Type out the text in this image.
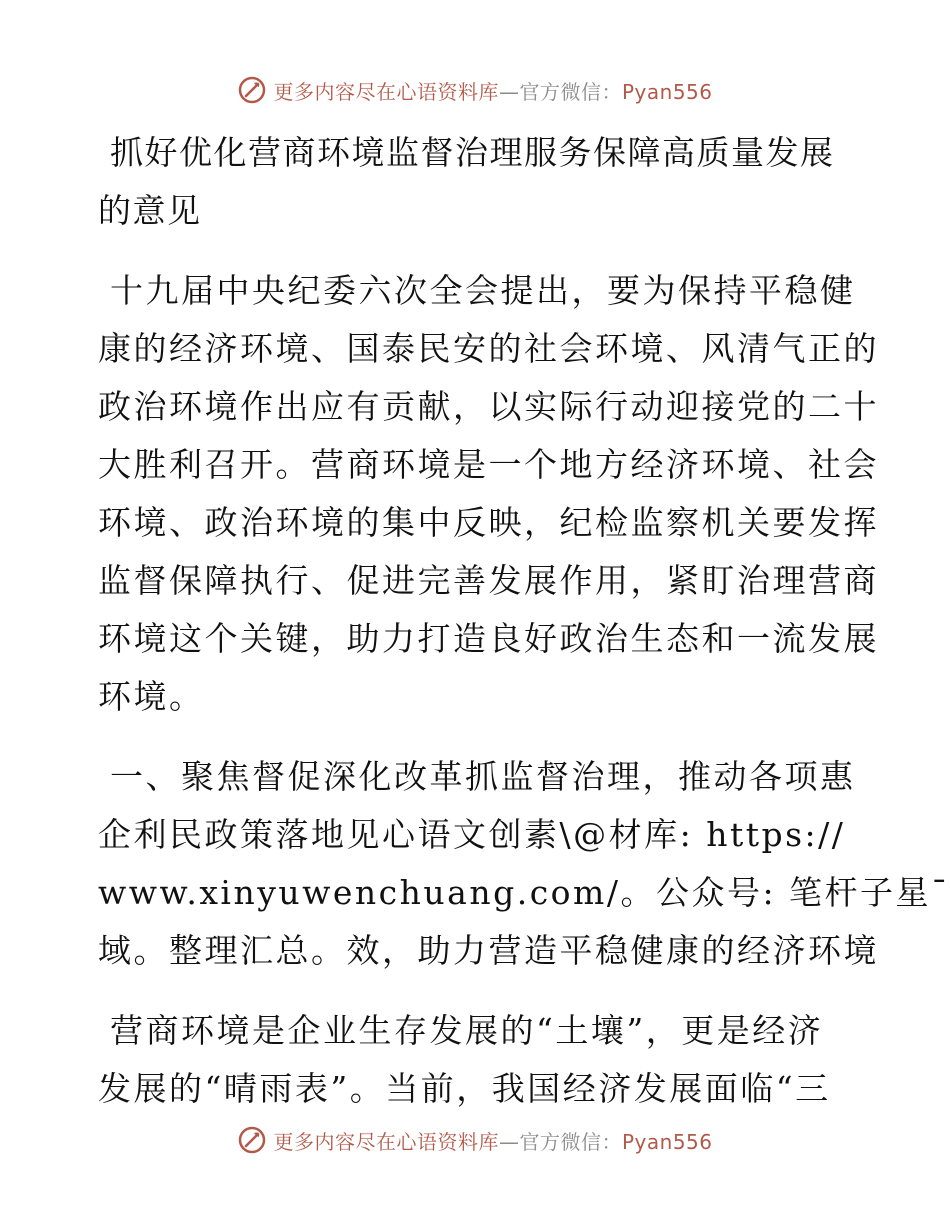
更多内容尽在心语资料库—官方微信：Pyan556
抓好优化营商环境监督治理服务保障高质量发展
的意见
十九届中央纪委六次全会提出，要为保持平稳健
康的经济环境、国泰民安的社会环境、风清气正的
政治环境作出应有贡献，以实际行动迎接党的二十
大胜利召开。营商环境是一个地方经济环境、社会
环境、政治环境的集中反映，纪检监察机关要发挥
监督保障执行、促进完善发展作用，紧盯治理营商
环境这个关键，助力打造良好政治生态和一流发展
环境。
一、聚焦督促深化改革抓监督治理，推动各项惠
企利民政策落地见心语文创素\@材库: https://
www.xinyuwenchuang.com/。公众号: 笔杆子星¯
域。整理汇总。效，助力营造平稳健康的经济环境
营商环境是企业生存发展的“土壤”，更是经济
发展的“晴雨表”。当前，我国经济发展面临“三
更多内容尽在心语资料库—官方微信：Pyan556
